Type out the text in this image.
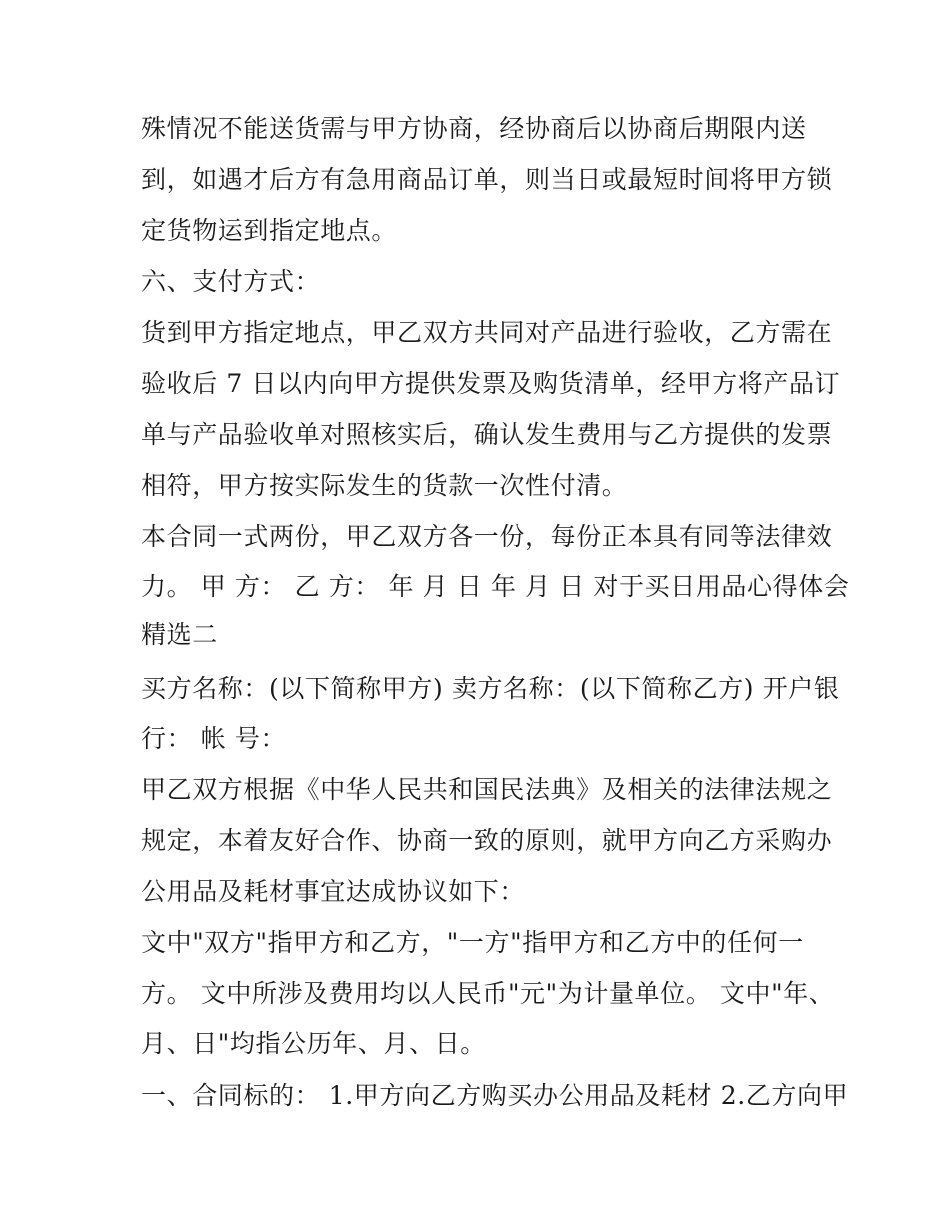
殊情况不能送货需与甲方协商，经协商后以协商后期限内送
到，如遇才后方有急用商品订单，则当日或最短时间将甲方锁
定货物运到指定地点。
六、支付方式：
货到甲方指定地点，甲乙双方共同对产品进行验收，乙方需在
验收后 7 日以内向甲方提供发票及购货清单，经甲方将产品订
单与产品验收单对照核实后，确认发生费用与乙方提供的发票
相符，甲方按实际发生的货款一次性付清。
本合同一式两份，甲乙双方各一份，每份正本具有同等法律效
力。 甲 方： 乙 方： 年 月 日 年 月 日 对于买日用品心得体会
精选二
买方名称：(以下简称甲方) 卖方名称：(以下简称乙方) 开户银
行： 帐 号：
甲乙双方根据《中华人民共和国民法典》及相关的法律法规之
规定，本着友好合作、协商一致的原则，就甲方向乙方采购办
公用品及耗材事宜达成协议如下：
文中"双方"指甲方和乙方，"一方"指甲方和乙方中的任何一
方。 文中所涉及费用均以人民币"元"为计量单位。 文中"年、
月、日"均指公历年、月、日。
一、合同标的： 1.甲方向乙方购买办公用品及耗材 2.乙方向甲
